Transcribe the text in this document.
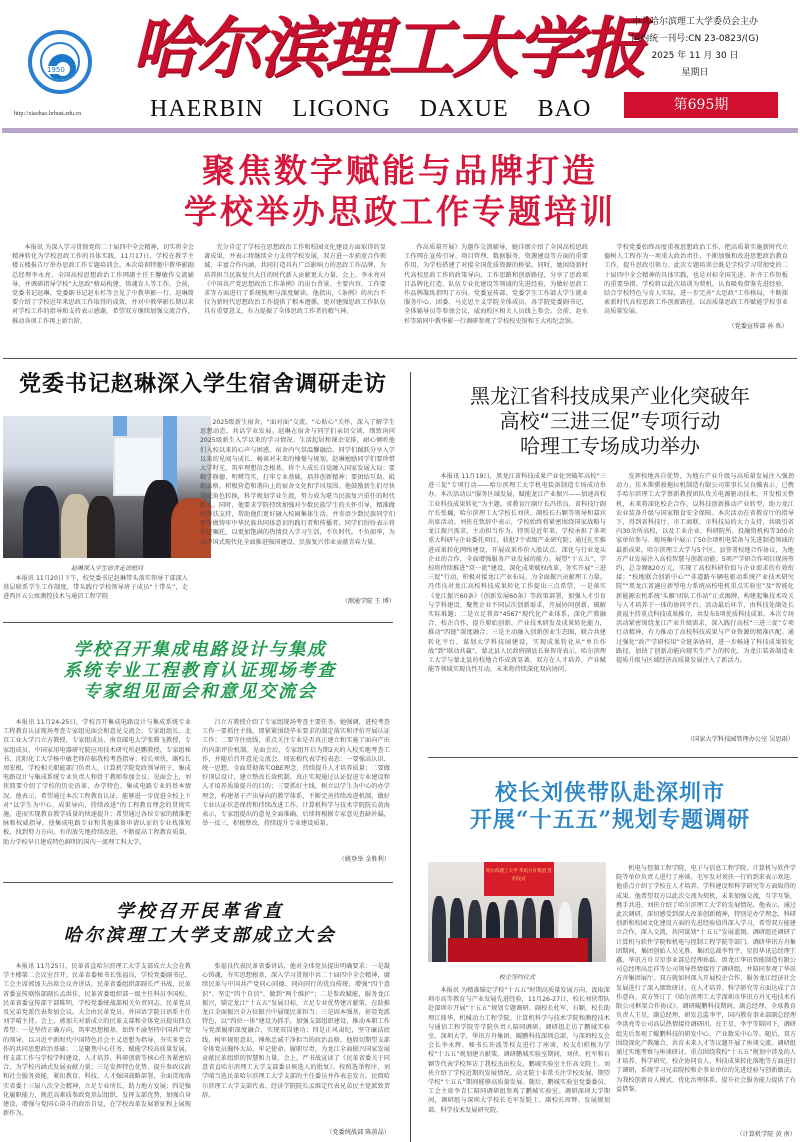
1950
http://xiaobao.hrbust.edu.cn
哈尔滨理工大学报
HAERBIN LIGONG DAXUE BAO
中共哈尔滨理工大学委员会主办
国内统一刊号:CN 23-0823/(G)
2025 年 11 月 30 日
星期日
第695期
聚焦数字赋能与品牌打造
学校举办思政工作专题培训

本报讯 为深入学习贯彻党的二十届四中全会精神，切实将全会精神转化为学校思政工作的具体实践，11月17日，学校在教学主楼五楼报告厅举办思政工作专题培训会。本次培训特邀中教华影副总经理李永亮、全国高校思想政治工作网副主任王馨敏作交流辅导，并调研指导学校“大思政”格局构建、铸魂育人等工作。会前，党委书记赵琳、党委副书记赵水杉等会见了中教华影一行。赵琳简要介绍了学校近年来思政工作取得的成效，并对中教华影长期以来对学校工作的指导和支持表示感谢，希望双方继续加强交流合作，推动各项工作再上新台阶。

充分肯定了学校在思想政治工作和校园文化建设方面取得的显著成果，并表示将继续全力支持学校发展，双方进一步拓宽合作领域、丰富合作内涵，共同打造具有广泛影响力的思政工作品牌，为培养担当民族复兴大任的时代新人贡献更大力量。会上，李永亮对《中国共产党思想政治工作条例》的出台背景、主要内容、工作要求等方面进行了系统梳理与深度解读。他指出，《条例》的出台不仅为新时代思想政治工作提供了根本遵循，更对建强思政工作队伍具有重要意义，有力提振了全体思政工作者的精气神。

作高质量开展》为题作交流辅导，她详细介绍了全国高校思政工作网在宣传引导、项目管理、数据服务、资源建设等方面的重要作用，为学校搭建了对接全国优质资源的桥梁。同时，她围绕新时代高校思政工作的政策导向、工作思路和创新路径，分享了思政项目品牌化打造、队伍专业化建设等领域的先进经验，为做好思政工作品牌凝练指明了方向。党委宣传部、党委学生工作部大学生就业服务中心、团委、马克思主义学院全体成员，各学院党委副书记，全体辅导员等参加会议，威海校区相关人员线上参会。会前，赵水杉等陪同中教华影一行调研参观了学校校史馆和王大珩纪念馆。

学校党委始终高度重视思想政治工作，把高质量实施新时代立德树人工程作为一项重大政治责任，不断加强和改进思想政治教育工作，提升思政引领力。此次专题培训会既是学校学习贯彻党的二十届四中全会精神的具体实践，也是对标全国先进、补齐工作短板的重要举措。学校将以此次培训为契机，认真吸收借鉴先进经验，结合学校特色与育人实际，进一步完善“大思政”工作格局，不断探索新时代高校思政工作创新路径，以高质量思政工作赋能学校事业高质量发展。

（党委宣传部 孙 烁）
党委书记赵琳深入学生宿舍调研走访
赵琳深入学生宿舍走访慰问

本报讯 11月20日下午，校党委书记赵琳带头落实领导干部深入基层联系学生工作制度，带头践行学校领导班子成员“十带头”，走进西区五公寓测控技术与通信工程学院

2025级新生宿舍，“面对面”交流、“心贴心”关怀，深入了解学生思想动态，共话学业发展。赵琳在宿舍与同学们亲切交谈，细致询问2025级新生入学以来的学习情况、生活起居和课余安排，耐心倾听他们入校以来的心声与困惑，宿舍内气氛温馨融洽。同学们踊跃分享入学以来的见闻与成长，畅谈对未来的憧憬与规划。赵琳勉励同学们要珍惜大学时光，筑牢理想信念根基，将个人成长自觉融入国家发展大局；要勤学修德、明辨笃实，打牢专业基础，培养创新精神；要团结互助、砥砺品格，积极营造和谐向上的宿舍文化和学风氛围。他鼓励新生们尽快完成角色转换，科学规划学业生涯，努力成为堪当民族复兴重任的时代新人。同时，他要求学院持续加强对少数民族学生的关怀引导，精准做好帮扶支持，帮助他们更好融入校园集体生活，并寄语少数民族同学们要争做铸牢中华民族共同体意识的践行者和传播者。同学们纷纷表示将牢记嘱托，以更加饱满的热情投入学习生活，不负时代，不负韶华，为以中国式现代化全面推进强国建设、民族复兴伟业贡献青春力量。

（测通学院 王 博）
黑龙江省科技成果产业化突破年
高校“三进三促”专项行动
哈理工专场成功举办

本报讯 11月19日，黑龙江省科技成果产业化突破年高校“三进三促”专项行动——哈尔滨理工大学机电装备制造专场成功举办。本次活动以“服务区域发展，赋能龙江产业振兴——加速高校工业科技成果转化”为主题。省教育厅副厅长冯伟良、省科技厅副厅长张巍，哈尔滨理工大学校长刘侠、副校长石颖等领导和嘉宾出席活动。刘侠在致辞中表示，学校始终将紧密围绕国家战略与龙江振兴需求，主动担当作为。特别是近年来，学校承担了多项重大科研与企业委托项目，获批7个省级产业研究院；通过扎实推进成果转化网络建设、开展成果作价入股试点、深化与行业龙头企业的合作，全面增强服务产业发展的能力。展望“十五五”，学校将持续推进“双一流”建设，深化成果赋权改革，务实开展“三进三促”行动，积极对接龙江产业布局，为全面振兴贡献理工力量。冯伟良对龙江高校科技成果转化工作提出三点希望，一是落实《龙江振兴60条》《创新发展60条》等政策部署，加强人才引育与学科建设，聚焦企业不同层次创新需求，开展协同创新，破解实际难题；二是立足我省“4567”现代化产业体系，深化产教融合、校企合作，提升原始创新、产业技术研发及成果转化能力，推动“四链”深度融合；三是主动融入创新创业生态圈，联合共建转化平台，谋划大学科技园建设，实现成果转化从“单兵作战”到“联动共赢”。蒙北县人民政府副县长崔智奇表示，哈尔滨理工大学与蒙北县的校地合作成效显著，双方在人才培养、产业赋能等领域实现良性互动，未来将持续深化双向协同，

发挥校地各自优势，为地方产业升级与高质量发展注入强劲动力。佳木斯骐骏拖拉机制造有限公司董事长吴良骥表示，已携手哈尔滨理工大学蔡新教授团队攻关电源驱动技术，开发相关整机，未来将深化校企合作，以科技创新推动产业转型，助力龙江农业装备升级与国家粮食安全保障。本次活动在省教育厅的指导下，得到省科技厅、市工商联、市科技局的大力支持，共吸引省内30余所高校，以及工业企业、科研院所、投融资机构等300余家单位参与。现场集中展示了50余项机电装备与先进制造领域的最新成果。哈尔滨理工大学与5个区、县签署校地合作协议，为地方产业发展注入高校智慧与创新动能；5项产学研合作项目现场签约，总金额820万元，实现了高校科研价值与企业需求的有效衔接；“校地联合创新中心”“非道路车辆电驱动系统产业技术研究院”“黑龙江省適应新型电力系统高校电机重点实验室”及“智能化新能源农机系统‘头雁’团队工作站”正式揭牌，构建起集技术攻关与人才培养于一体的协同平台。活动最后环节，由科技处副处长黄福主持重点科技成果推介，共发布5项优质科技成果。本次专场活动紧密围绕龙江产业升级需求，深入践行高校“三进三促”专项行动精神，有力推动了高校科技成果与产业资源的精准匹配。通过强化“政产学研校用”全链条协同，进一步畅通了科技成果转化路径，加快了创新动能向现实生产力的转化，为龙江装备制造业提质升级与区域经济高质量发展注入了新活力。

（国家大学科技园管理办公室 吴思雨）
学校召开集成电路设计与集成
系统专业工程教育认证现场考查
专家组见面会和意见交流会

本报讯 11月24-25日，学校召开集成电路设计与集成系统专业工程教育认证现场考查专家组见面会和意见交流会。专家组组长、北京工业大学吕立方教授，专家组成员、南京邮电大学张腾飞教授，专家组成员、中国家用电器研究院应用技术研究所赵鹏教授，专家组秘书、沈阳化工大学杨中敏老师莅临我校考查指导；校长刘侠，副校长周宏根，学校相关职能部门负责人，计算机学院党政领导班子，集成电路设计与集成系统专业负责人和骨干教师参加会议。见面会上，刘侠简要介绍了学校的历史沿革、办学特色、集成电路专业的基本情况。他表示，希望通过本次工程教育认证，能够进一步促进全校上下对“以学生为中心、成果导向、持续改进”的工程教育理念的贯彻实施，进而实现教育教学质量的快速提升；希望通过各位专家的精准把脉和权威指导，使集成电路专业和其他准备申请认证的专业找准短板，找到努力方向，有的放矢地持续改进，不断提高工程教育质量，助力学校早日建成特色鲜明的国内一流理工科大学。

吕立方教授介绍了专家组现场考查主要任务。她强调，进校考查工作一要抓住主线，即紧紧围绕毕业要求的制定落实和评价开展认证工作；二要守住底线，重点关注专业是否真正建立和实施了面向产出的内部评价机制。见面会后，专家组开启为期2天的入校实地考查工作，并随后召开意见交流会。周宏根代表学校表态：一要强高认识，统一思想，全面贯彻落实OBE理念，持续提升人才培养质量；二要做好顶层设计，建立整改长效机制，真正实现通过认证促进专业建设和人才培养质量提升的目的；三要抓好主线，树立以学生为中心的办学理念，构建基于产出导向的教学体系，不断完善持续改进机制，做好专业认证状态保持和持续改进工作。计算机科学与技术学院院长黄海表示，专家组提出的意见全面准确，后续将根据专家意见查缺补漏，举一反三，积极整改，持续提升专业建设质量。

（姚登举 金胜利）
学校召开民革省直
哈尔滨理工大学支部成立大会

本报讯 11月25日，民革省直哈尔滨理工大学支部成立大会在教学主楼第二会议室召开。民革省委秘书长张福良，学校党委副书记、工会主席郭加夫出席会议并讲话，民革省委组织部副长严书战、民革省委宣传联络部副长孟洪佳、民革省委组织部一级主任科员李国松、民革省委宣传部干部陈明，学校党委统战部相关负责同志、民革党员及兄弟党派代表参加会议。大会由民革党员、外国语学院日语系主任刘学晴主持。会上，郭加夫对新成立的民革支部和全体党员提出四点希望：一是坚持正确方向，筑牢思想根基，始终不渝坚持中国共产党的领导，以习近平新时代中国特色社会主义思想为指导，夯实多党合作的共同思想政治基础；二是聚焦中心任务，赋能学校高质量发展，将支部工作与学校学科建设、人才培养、科研创新等核心任务紧密结合，为学校内涵式发展贡献力量；三是发挥特色优势，提升参政议政和社会服务效能，紧扣教育、科技、人才强国战略部署，全面贯彻落实省委十三届八次全会精神，立足专业所长，助力地方发展；四是强化履职能力，规范高素质参政党基层组织，发挥支部优势，加强自身建设，增强与党同心奋斗的政治自觉，在学校改革发展新征程上展现新作为。

张福良代表民革省委讲话，他对全体党员提出明确要求：一是凝心铸魂，夯实思想根基，深入学习贯彻中共二十届四中全会精神，赓续民革与中国共产党同心同德、同向同行的优良传统，增强“四个意识”、坚定“四个自信”、做到“两个维护”；二是参政赋能，服务龙江振兴，锚定龙江“十五五”发展目标，立足专业优势建言献策，在助推龙江全面振兴全方位振兴中展现民革担当；三是固本强基，彰显党派特色，以“四位一体”建设为抓手，加强支部组织建设，推动本职工作与党派履职深度融合，实现双岗建功；四是正风肃纪，坚守廉洁底线，树牢规矩意识，锤炼忠诚干净担当的政治品格。他殷切期望支部全体党员胸怀大局、牢记使命、履职尽责，为龙江全面振兴国家发展贡献民革组织的智慧和力量。会上，严书战宣读了《民革省委关于同意省直哈尔滨理工大学支部委员候选人的批复》。按照选举程序，刘学晴当选民革哈尔滨理工大学支部的主任委员并作表态发言。民盟哈尔滨理工大学支部代表、经济学院院长孟维定代表兄弟民主党派致贺辞。

（党委统战部 陈黄晶）
校长刘侠带队赴深圳市
开展“十五五”规划专题调研
哈尔滨理工大学 华讯方舟集团 签约仪式
校企签约仪式

本报讯 为精准锚定学校“十五五”时期高质量发展方向，汲取深圳市高等教育与产业发展先进经验，11月26-27日，校长刘侠带队赴深圳市开展“十五五”规划专题调研。副校长杜军、石颖，校长助理江鼎华，机械动力工程学院、计算机科学与技术学院和测控技术与通信工程学院等学院负责人陪同调研。调研组走访了鹏城实验室、深圳大学、华讯方舟集团、鲲鹏科技深圳总部，与深圳校友会会长李永辉、秘书长许波等校友进行了座谈，校友们积极为学校“十五五”规划建言献策。调研鹏城实验室期间，刘侠、杜军和石颖等代表学校拜访了我校杰出校友、鹏城实验室主任高文院士。刘侠介绍了学校近期的发展情况。高文院士非常关注学校发展，期望学校“十五五”期间能够高质量发展。随后，鹏城实验室党委委员、工会主席李青仁陪同调研组参观了鹏城实验室。调研深圳大学期间，调研组与深圳大学校长毛军发院士、副校长周辉、发展规划部、科学技术发展研究院、

机电与控制工程学院、电子与信息工程学院、计算机与软件学院等单位负责人进行了座谈。毛军发对刘侠一行的到来表示欢迎，他重点介绍了学校在人才培养、学科建设和科学研究等方面取得的成果。他希望双方以此次交流为契机，未来加强交流，互学互鉴，携手共进。刘侠介绍了哈尔滨理工大学的发展情况。他表示，通过此次调研，深切感受到深大改革创新精神，特别是办学理念、科研创新和校园文化建设方面的先进经验值得深入学习，希望双方能建立合作，深入交流，共同谋划“十五五”发展蓝图。调研组还调研了计算机与软件学院和机电与控制工程学院等部门。调研华讯方舟集团期间，集团创始人吴光胜、集团总裁李哲宇，星投华讯总经理王鑫、华讯方舟卫星事业部总经理孙磊、黑龙江华讯智能制造有限公司总经理高忠祥等公司领导热情接待了调研组，并陪同参观了华讯方舟集团展厅。双方就如何深入开展校企合作、服务龙江经济社会发展进行了深入细致研讨，在人才培养、科学研究等方面达成了合作意向。双方签订了《哈尔滨理工大学深圳市华讯方舟光电技术有限公司框架合作协议》。调研鲲鹏科技期间，副总经理、全球教育负责人王星，副总经理、研发总监李宇，国内教育事业部副总经理李洪亮等公司高层热情接待调研团。在王星、李宇等陪同下，调研组先后参观了鲲鹏科技的研发中心、产业数采中心等。随后，双方围绕深化产教融合、共育未来人才等议题开展了座谈交流。调研组通过实地考察与座谈研讨，重点围绕我校“十五五”规划中涉及的人才培养、科学研究、校企协同育人、科技成果转化落地等方面进行了调研，系统学习兄弟院校和企事业单位的先进经验与创新做法，为我校创新育人模式、优化治理体系、提升社会服务能力提供了有益借鉴。

（计算机学院 黄 南）
